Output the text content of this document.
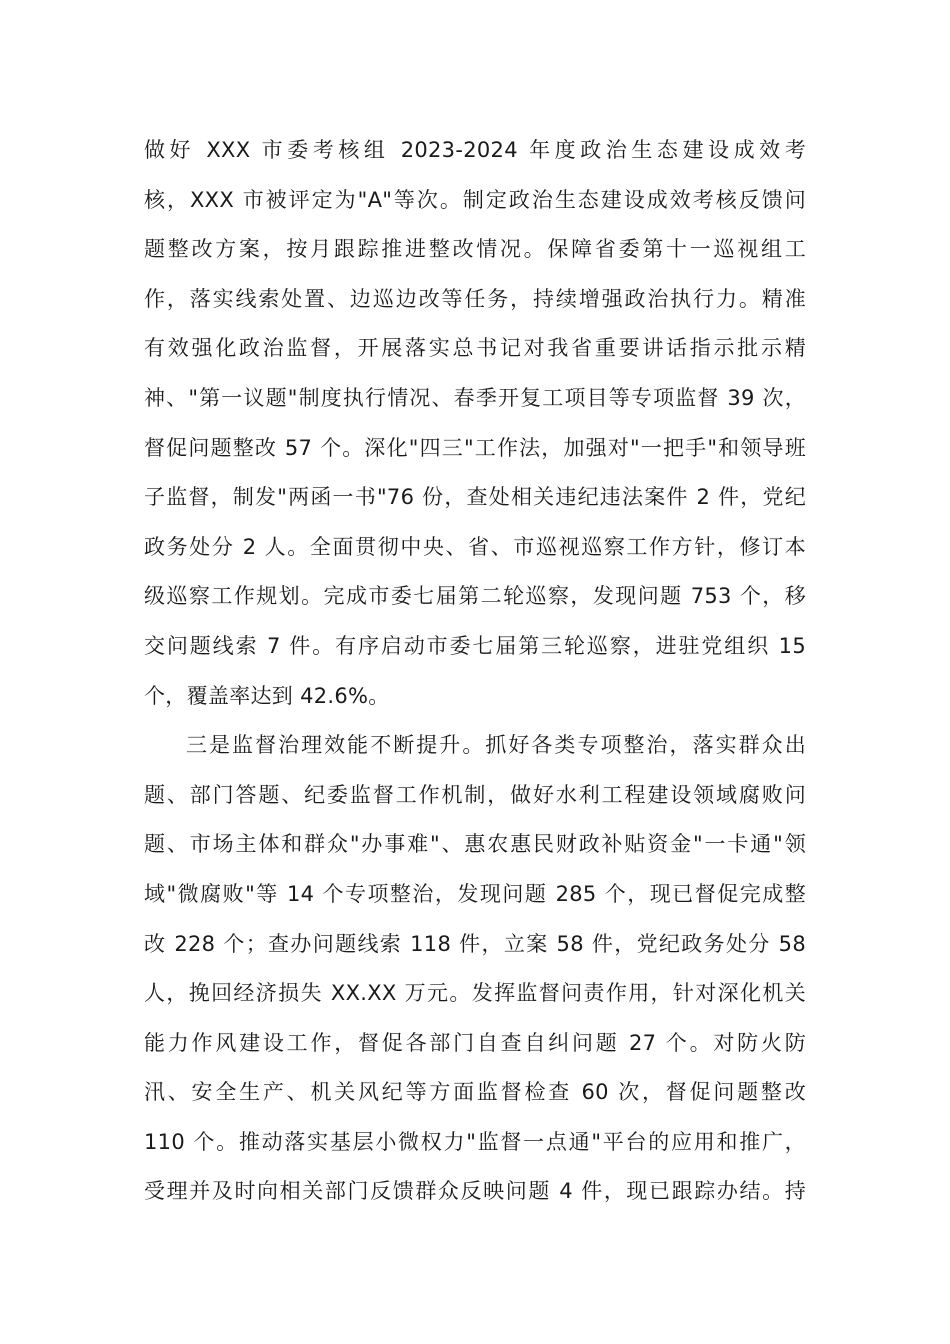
做好 XXX 市委考核组 2023-2024 年度政治生态建设成效考
核，XXX 市被评定为"A"等次。制定政治生态建设成效考核反馈问
题整改方案，按月跟踪推进整改情况。保障省委第十一巡视组工
作，落实线索处置、边巡边改等任务，持续增强政治执行力。精准
有效强化政治监督，开展落实总书记对我省重要讲话指示批示精
神、"第一议题"制度执行情况、春季开复工项目等专项监督 39 次，
督促问题整改 57 个。深化"四三"工作法，加强对"一把手"和领导班
子监督，制发"两函一书"76 份，查处相关违纪违法案件 2 件，党纪
政务处分 2 人。全面贯彻中央、省、市巡视巡察工作方针，修订本
级巡察工作规划。完成市委七届第二轮巡察，发现问题 753 个，移
交问题线索 7 件。有序启动市委七届第三轮巡察，进驻党组织 15
个，覆盖率达到 42.6%。
三是监督治理效能不断提升。抓好各类专项整治，落实群众出
题、部门答题、纪委监督工作机制，做好水利工程建设领域腐败问
题、市场主体和群众"办事难"、惠农惠民财政补贴资金"一卡通"领
域"微腐败"等 14 个专项整治，发现问题 285 个，现已督促完成整
改 228 个；查办问题线索 118 件，立案 58 件，党纪政务处分 58
人，挽回经济损失 XX.XX 万元。发挥监督问责作用，针对深化机关
能力作风建设工作，督促各部门自查自纠问题 27 个。对防火防
汛、安全生产、机关风纪等方面监督检查 60 次，督促问题整改
110 个。推动落实基层小微权力"监督一点通"平台的应用和推广，
受理并及时向相关部门反馈群众反映问题 4 件，现已跟踪办结。持
